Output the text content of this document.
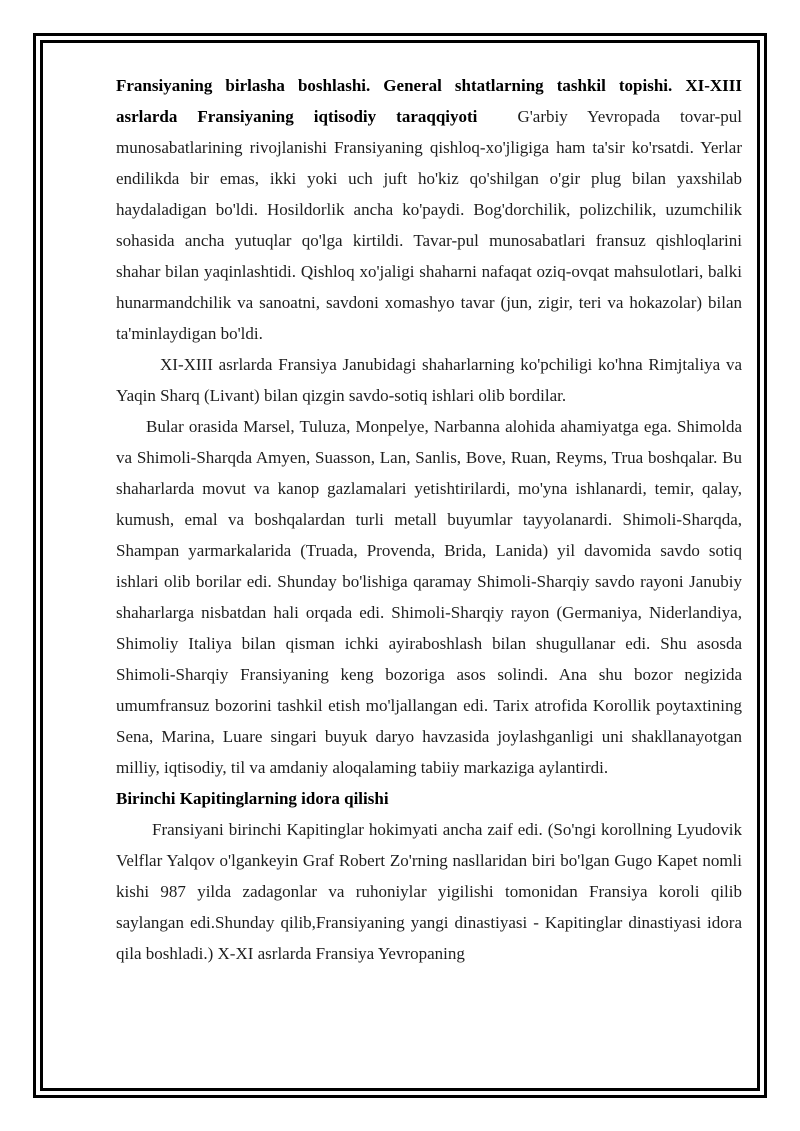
Fransiyaning birlasha boshlashi. General shtatlarning tashkil topishi. XI-XIII asrlarda Fransiyaning iqtisodiy taraqqiyoti G'arbiy Yevropada tovar-pul munosabatlarining rivojlanishi Fransiyaning qishloq-xo'jligiga ham ta'sir ko'rsatdi. Yerlar endilikda bir emas, ikki yoki uch juft ho'kiz qo'shilgan o'gir plug bilan yaxshilab haydaladigan bo'ldi. Hosildorlik ancha ko'paydi. Bog'dorchilik, polizchilik, uzumchilik sohasida ancha yutuqlar qo'lga kirtildi. Tavar-pul munosabatlari fransuz qishloqlarini shahar bilan yaqinlashtidi. Qishloq xo'jaligi shaharni nafaqat oziq-ovqat mahsulotlari, balki hunarmandchilik va sanoatni, savdoni xomashyo tavar (jun, zigir, teri va hokazolar) bilan ta'minlaydigan bo'ldi.

XI-XIII asrlarda Fransiya Janubidagi shaharlarning ko'pchiligi ko'hna Rimjtaliya va Yaqin Sharq (Livant) bilan qizgin savdo-sotiq ishlari olib bordilar.

Bular orasida Marsel, Tuluza, Monpelye, Narbanna alohida ahamiyatga ega. Shimolda va Shimoli-Sharqda Amyen, Suasson, Lan, Sanlis, Bove, Ruan, Reyms, Trua boshqalar. Bu shaharlarda movut va kanop gazlamalari yetishtirilardi, mo'yna ishlanardi, temir, qalay, kumush, emal va boshqalardan turli metall buyumlar tayyolanardi. Shimoli-Sharqda, Shampan yarmarkalarida (Truada, Provenda, Brida, Lanida) yil davomida savdo sotiq ishlari olib borilar edi. Shunday bo'lishiga qaramay Shimoli-Sharqiy savdo rayoni Janubiy shaharlarga nisbatdan hali orqada edi. Shimoli-Sharqiy rayon (Germaniya, Niderlandiya, Shimoliy Italiya bilan qisman ichki ayiraboshlash bilan shugullanar edi. Shu asosda Shimoli-Sharqiy Fransiyaning keng bozoriga asos solindi. Ana shu bozor negizida umumfransuz bozorini tashkil etish mo'ljallangan edi. Tarix atrofida Korollik poytaxtining Sena, Marina, Luare singari buyuk daryo havzasida joylashganligi uni shakllanayotgan milliy, iqtisodiy, til va amdaniy aloqalaming tabiiy markaziga aylantirdi.

Birinchi Kapitinglarning idora qilishi

Fransiyani birinchi Kapitinglar hokimyati ancha zaif edi. (So'ngi korollning Lyudovik Velflar Yalqov o'lgankeyin Graf Robert Zo'rning nasllaridan biri bo'lgan Gugo Kapet nomli kishi 987 yilda zadagonlar va ruhoniylar yigilishi tomonidan Fransiya koroli qilib saylangan edi.Shunday qilib,Fransiyaning yangi dinastiyasi - Kapitinglar dinastiyasi idora qila boshladi.) X-XI asrlarda Fransiya Yevropaning
